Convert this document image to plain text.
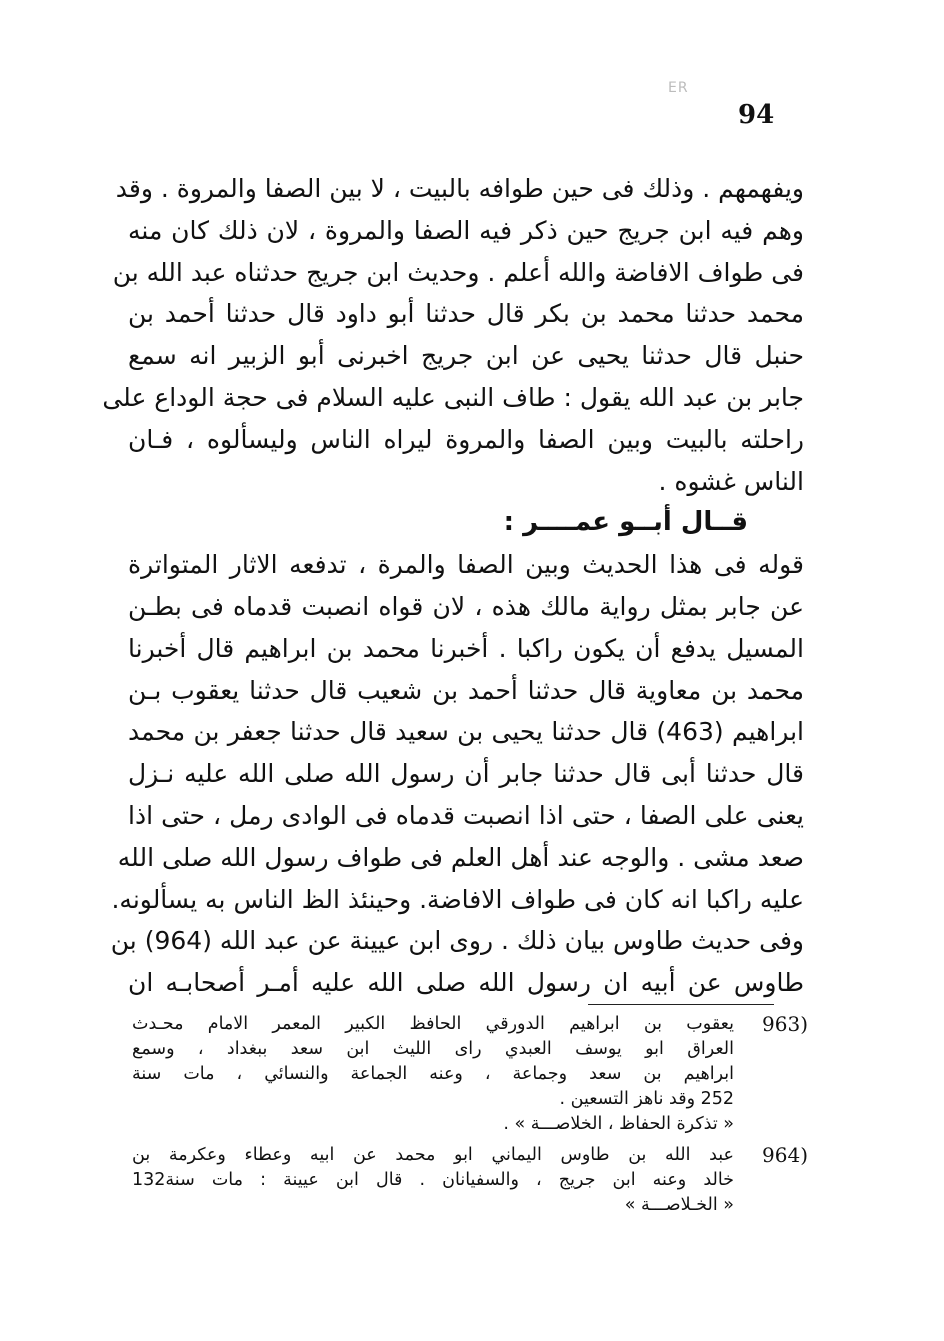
ER
94
ويفهمهم . وذلك فى حين طوافه بالبيت ، لا بين الصفا والمروة . وقد
وهم فيه ابن جريج حين ذكر فيه الصفا والمروة ، لان ذلك كان منه
فى طواف الافاضة والله أعلم . وحديث ابن جريج حدثناه عبد الله بن
محمد حدثنا محمد بن بكر قال حدثنا أبو داود قال حدثنا أحمد بن
حنبل قال حدثنا يحيى عن ابن جريج اخبرنى أبو الزبير انه سمع
جابر بن عبد الله يقول : طاف النبى عليه السلام فى حجة الوداع على
راحلته بالبيت وبين الصفا والمروة ليراه الناس وليسألوه ، فـان
الناس غشوه .
قــال أبــو عمــــر :
قوله فى هذا الحديث وبين الصفا والمرة ، تدفعه الاثار المتواترة
عن جابر بمثل رواية مالك هذه ، لان قواه انصبت قدماه فى بطـن
المسيل يدفع أن يكون راكبا . أخبرنا محمد بن ابراهيم قال أخبرنا
محمد بن معاوية قال حدثنا أحمد بن شعيب قال حدثنا يعقوب بـن
ابراهيم (463) قال حدثنا يحيى بن سعيد قال حدثنا جعفر بن محمد
قال حدثنا أبى قال حدثنا جابر أن رسول الله صلى الله عليه نـزل
يعنى على الصفا ، حتى اذا انصبت قدماه فى الوادى رمل ، حتى اذا
صعد مشى . والوجه عند أهل العلم فى طواف رسول الله صلى الله
عليه راكبا انه كان فى طواف الافاضة. وحينئذ الظ الناس به يسألونه.
وفى حديث طاوس بيان ذلك . روى ابن عيينة عن عبد الله (964) بن
طاوس عن أبيه ان رسول الله صلى الله عليه أمـر أصحابـه ان
963)
يعقوب بن ابراهيم الدورقي الحافظ الكبير المعمر الامام محـدث
العراق ابو يوسف العبدي راى الليث ابن سعد ببغداد ، وسمع
ابراهيم بن سعد وجماعة ، وعنه الجماعة والنسائي ، مات سنة
252 وقد ناهز التسعين .
« تذكرة الحفاظ ، الخلاصـــة » .
964)
عبد الله بن طاوس اليماني ابو محمد عن ابيه وعطاء وعكرمة بن
خالد وعنه ابن جريج ، والسفيانان . قال ابن عيينة : مات سنة132
« الخـلاصـــة »
